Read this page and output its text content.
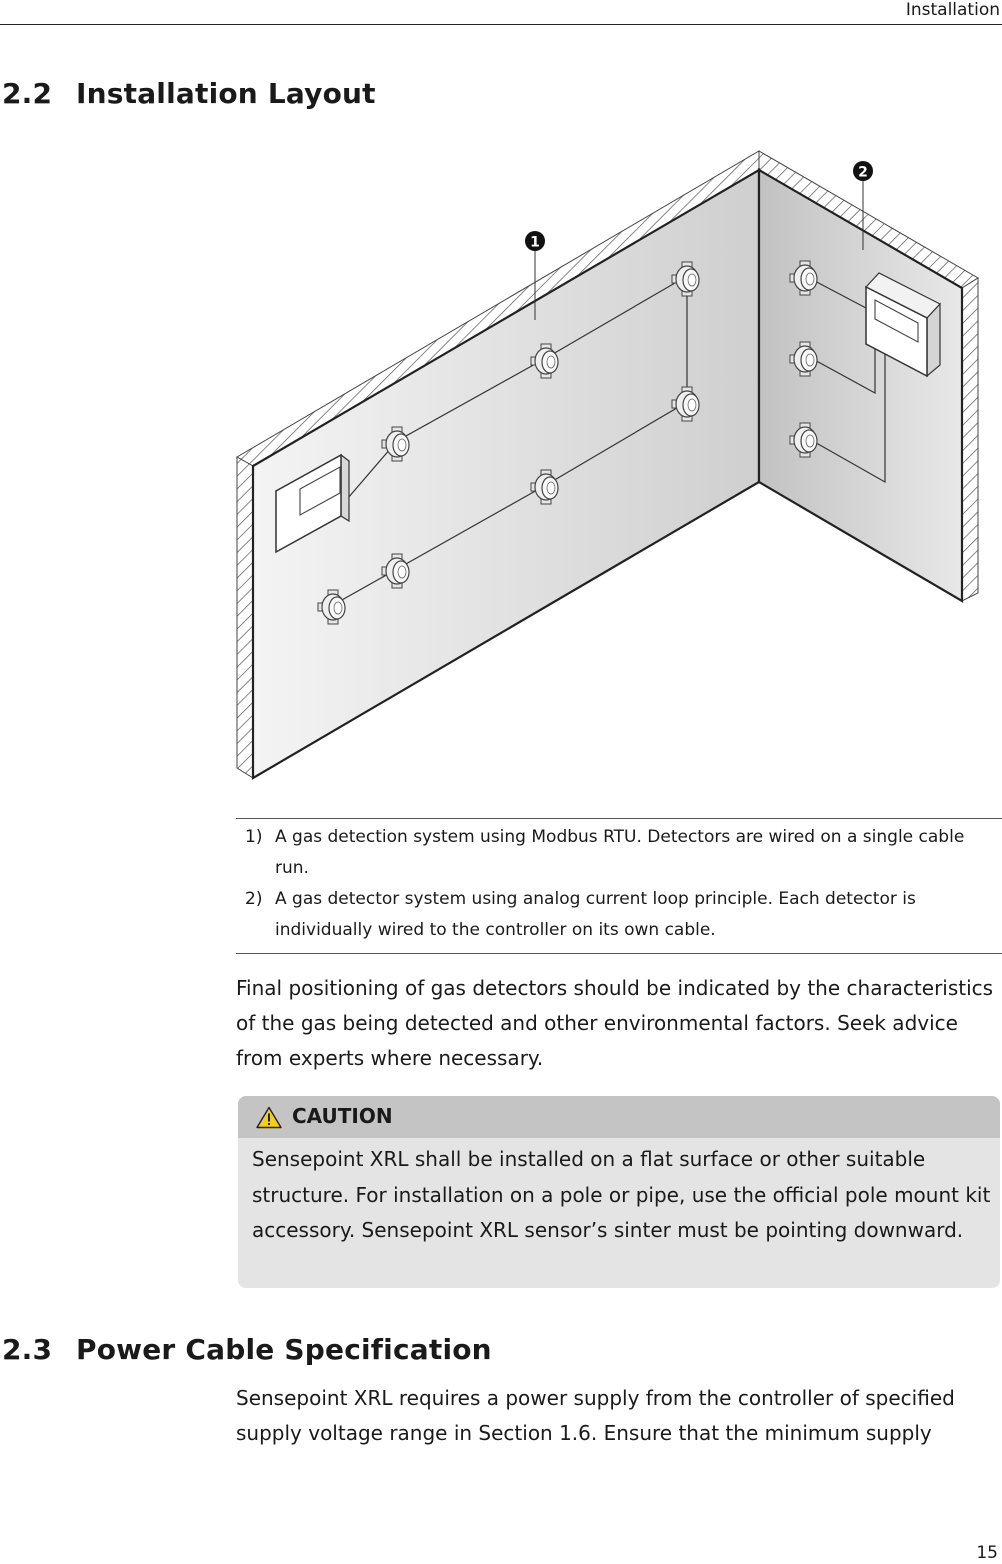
Installation
2.2 Installation Layout
1
2
1) A gas detection system using Modbus RTU. Detectors are wired on a single cable run.
2) A gas detector system using analog current loop principle. Each detector is individually wired to the controller on its own cable.
Final positioning of gas detectors should be indicated by the characteristics of the gas being detected and other environmental factors. Seek advice from experts where necessary.
CAUTION
Sensepoint XRL shall be installed on a flat surface or other suitable structure. For installation on a pole or pipe, use the official pole mount kit accessory. Sensepoint XRL sensor’s sinter must be pointing downward.
2.3 Power Cable Specification
Sensepoint XRL requires a power supply from the controller of specified supply voltage range in Section 1.6. Ensure that the minimum supply
15
